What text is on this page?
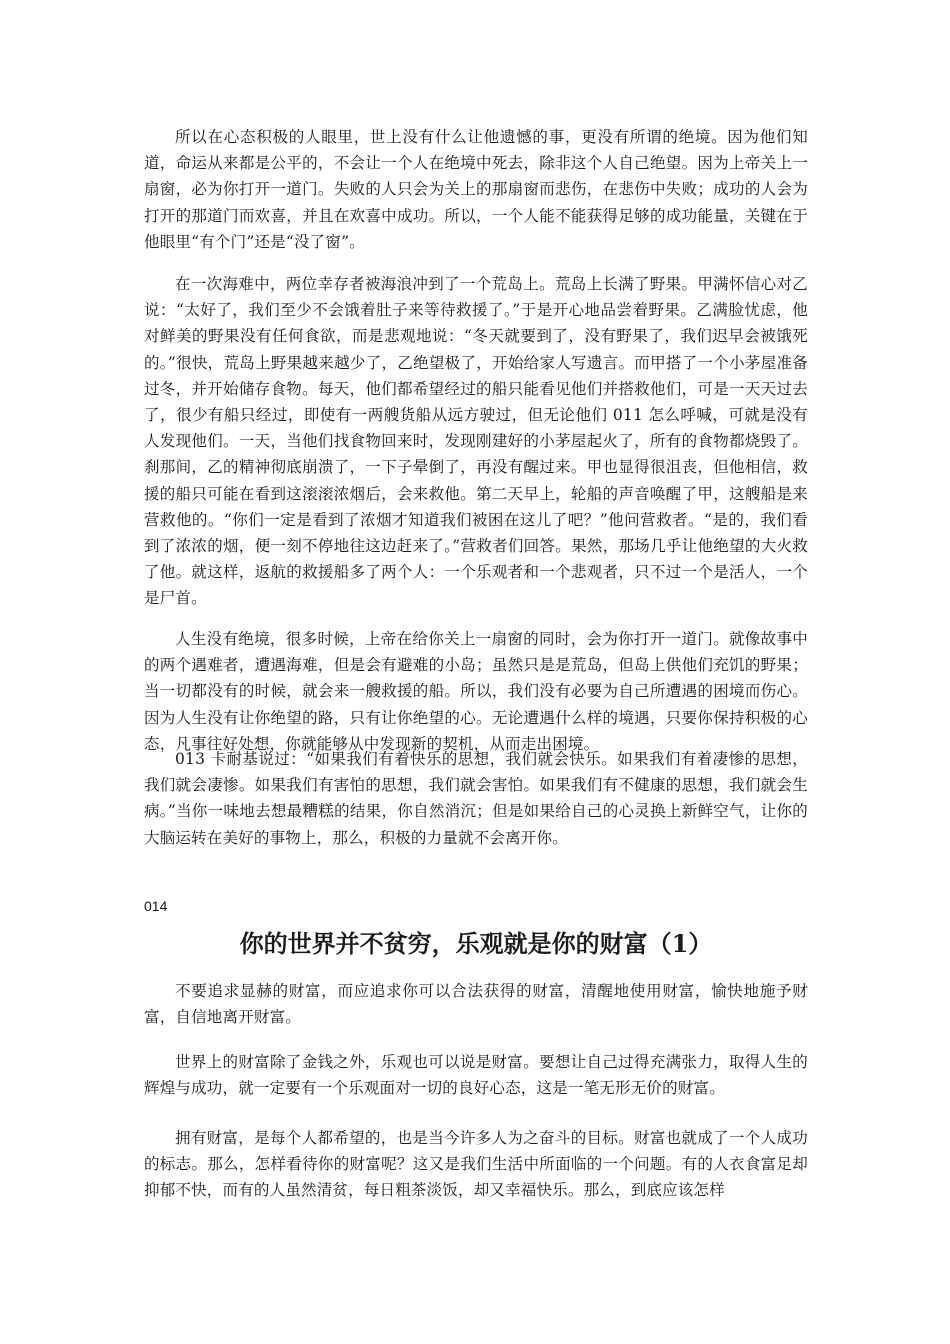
所以在心态积极的人眼里，世上没有什么让他遗憾的事，更没有所谓的绝境。因为他们知道，命运从来都是公平的，不会让一个人在绝境中死去，除非这个人自己绝望。因为上帝关上一扇窗，必为你打开一道门。失败的人只会为关上的那扇窗而悲伤，在悲伤中失败；成功的人会为打开的那道门而欢喜，并且在欢喜中成功。所以，一个人能不能获得足够的成功能量，关键在于他眼里“有个门”还是“没了窗”。

在一次海难中，两位幸存者被海浪冲到了一个荒岛上。荒岛上长满了野果。甲满怀信心对乙说：“太好了，我们至少不会饿着肚子来等待救援了。”于是开心地品尝着野果。乙满脸忧虑，他对鲜美的野果没有任何食欲，而是悲观地说：“冬天就要到了，没有野果了，我们迟早会被饿死的。”很快，荒岛上野果越来越少了，乙绝望极了，开始给家人写遗言。而甲搭了一个小茅屋准备过冬，并开始储存食物。每天，他们都希望经过的船只能看见他们并搭救他们，可是一天天过去了，很少有船只经过，即使有一两艘货船从远方驶过，但无论他们 011 怎么呼喊，可就是没有人发现他们。一天，当他们找食物回来时，发现刚建好的小茅屋起火了，所有的食物都烧毁了。刹那间，乙的精神彻底崩溃了，一下子晕倒了，再没有醒过来。甲也显得很沮丧，但他相信，救援的船只可能在看到这滚滚浓烟后，会来救他。第二天早上，轮船的声音唤醒了甲，这艘船是来营救他的。“你们一定是看到了浓烟才知道我们被困在这儿了吧？”他问营救者。“是的，我们看到了浓浓的烟，便一刻不停地往这边赶来了。”营救者们回答。果然，那场几乎让他绝望的大火救了他。就这样，返航的救援船多了两个人：一个乐观者和一个悲观者，只不过一个是活人，一个是尸首。

人生没有绝境，很多时候，上帝在给你关上一扇窗的同时，会为你打开一道门。就像故事中的两个遇难者，遭遇海难，但是会有避难的小岛；虽然只是是荒岛，但岛上供他们充饥的野果；当一切都没有的时候，就会来一艘救援的船。所以，我们没有必要为自己所遭遇的困境而伤心。因为人生没有让你绝望的路，只有让你绝望的心。无论遭遇什么样的境遇，只要你保持积极的心态，凡事往好处想，你就能够从中发现新的契机，从而走出困境。

013 卡耐基说过：“如果我们有着快乐的思想，我们就会快乐。如果我们有着凄惨的思想，我们就会凄惨。如果我们有害怕的思想，我们就会害怕。如果我们有不健康的思想，我们就会生病。”当你一味地去想最糟糕的结果，你自然消沉；但是如果给自己的心灵换上新鲜空气，让你的大脑运转在美好的事物上，那么，积极的力量就不会离开你。

014
你的世界并不贫穷，乐观就是你的财富（1）

不要追求显赫的财富，而应追求你可以合法获得的财富，清醒地使用财富，愉快地施予财富，自信地离开财富。

世界上的财富除了金钱之外，乐观也可以说是财富。要想让自己过得充满张力，取得人生的辉煌与成功，就一定要有一个乐观面对一切的良好心态，这是一笔无形无价的财富。

拥有财富，是每个人都希望的，也是当今许多人为之奋斗的目标。财富也就成了一个人成功的标志。那么，怎样看待你的财富呢？这又是我们生活中所面临的一个问题。有的人衣食富足却抑郁不快，而有的人虽然清贫，每日粗茶淡饭，却又幸福快乐。那么，到底应该怎样
